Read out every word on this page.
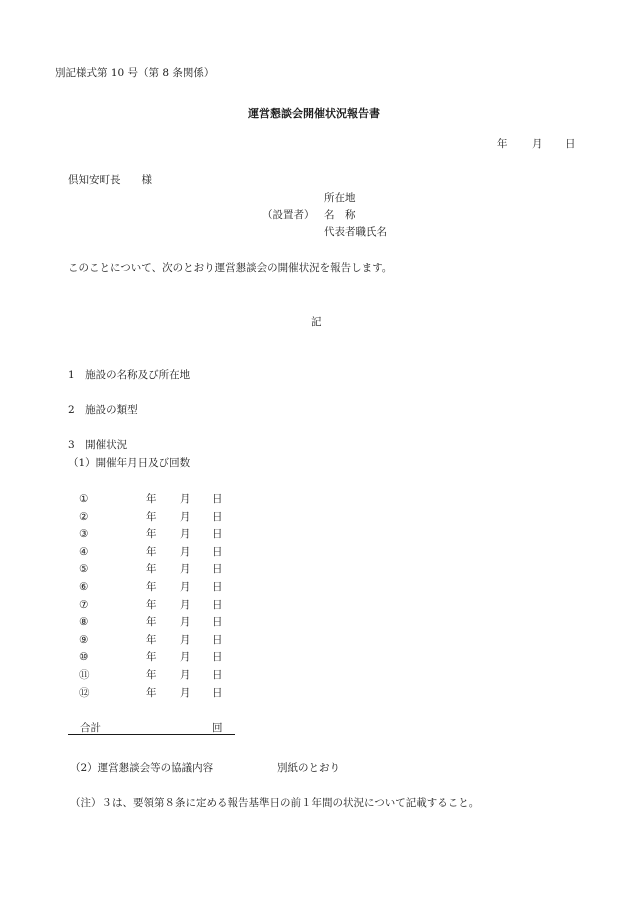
別記様式第 10 号（第 8 条関係）
運営懇談会開催状況報告書
年 月 日
倶知安町長　　様
所在地
（設置者） 名　称
代表者職氏名
このことについて、次のとおり運営懇談会の開催状況を報告します。
記
1　施設の名称及び所在地
2　施設の類型
3　開催状況
（1）開催年月日及び回数
①	年 月 日
②	年 月 日
③	年 月 日
④	年 月 日
⑤	年 月 日
⑥	年 月 日
⑦	年 月 日
⑧	年 月 日
⑨	年 月 日
⑩	年 月 日
⑪	年 月 日
⑫	年 月 日
合計	回
（2）運営懇談会等の協議内容	別紙のとおり
（注）３は、要領第８条に定める報告基準日の前１年間の状況について記載すること。
